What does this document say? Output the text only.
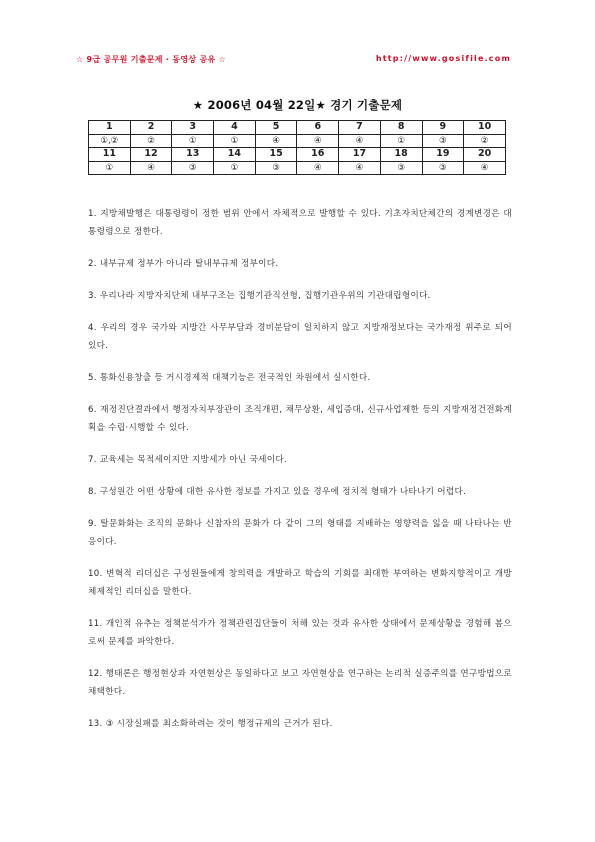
☆ 9급 공무원 기출문제 · 동영상 공유 ☆	http://www.gosifile.com
★ 2006년 04월 22일★ 경기 기출문제
1	2	3	4	5	6	7	8	9	10
①,②	②	①	①	④	④	④	①	③	②
11	12	13	14	15	16	17	18	19	20
①	④	③	①	③	④	④	③	③	④

1. 지방채발행은 대통령령이 정한 범위 안에서 자체적으로 발행할 수 있다. 기초자치단체간의 경계변경은 대통령령으로 정한다.

2. 내부규제 정부가 아니라 탈내부규제 정부이다.

3. 우리나라 지방자치단체 내부구조는 집행기관직선형, 집행기관우위의 기관대립형이다.

4. 우리의 경우 국가와 지방간 사무부담과 경비분담이 일치하지 않고 지방재정보다는 국가재정 위주로 되어 있다.

5. 통화신용창출 등 거시경제적 대책기능은 전국적인 차원에서 실시한다.

6. 재정진단결과에서 행정자치부장관이 조직개편, 채무상환, 세입증대, 신규사업제한 등의 지방재정건전화계획을 수립·시행할 수 있다.

7. 교육세는 목적세이지만 지방세가 아닌 국세이다.

8. 구성원간 어떤 상황에 대한 유사한 정보를 가지고 있을 경우에 정치적 형태가 나타나기 어렵다.

9. 탈문화화는 조직의 문화나 신참자의 문화가 다 같이 그의 형태를 지배하는 영향력을 잃을 때 나타나는 반응이다.

10. 변혁적 리더십은 구성원들에게 창의력을 개발하고 학습의 기회를 최대한 부여하는 변화지향적이고 개방체제적인 리더십을 말한다.

11. 개인적 유추는 정책분석가가 정책관련집단들이 처해 있는 것과 유사한 상태에서 문제상황을 경험해 봄으로써 문제를 파악한다.

12. 행태론은 행정현상과 자연현상은 동일하다고 보고 자연현상을 연구하는 논리적 실증주의를 연구방법으로 채택한다.

13. ③ 시장실패를 최소화하려는 것이 행정규제의 근거가 된다.
